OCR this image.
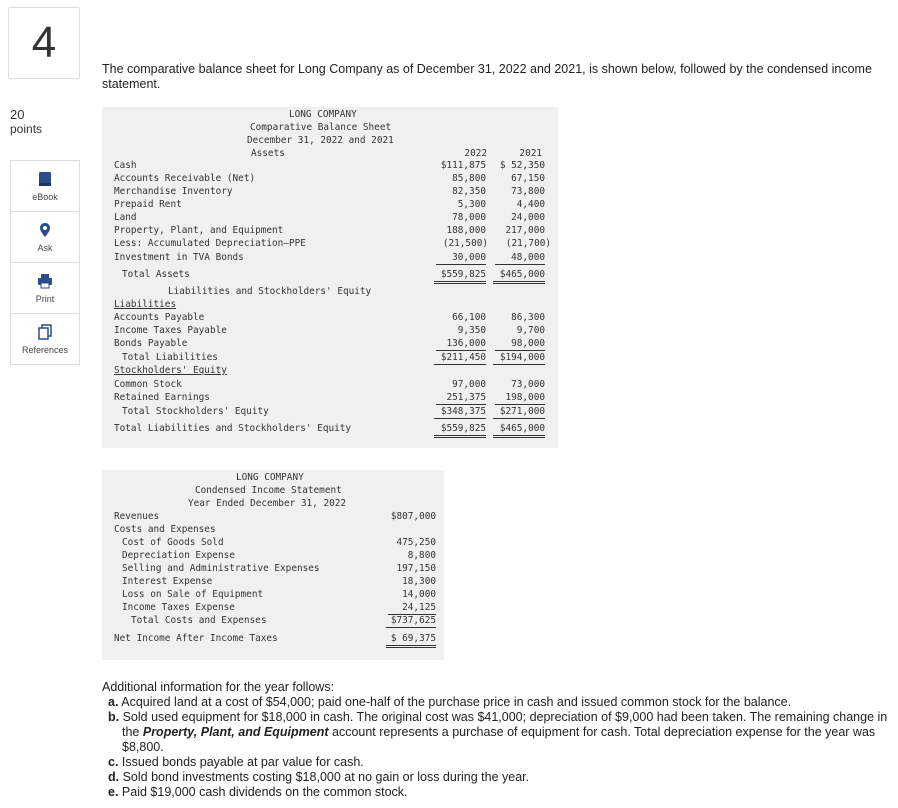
4
20
points
eBook
Ask
Print
References
The comparative balance sheet for Long Company as of December 31, 2022 and 2021, is shown below, followed by the condensed income statement.
LONG COMPANY
Comparative Balance Sheet
December 31, 2022 and 2021
Assets	2022	2021
Cash	$111,875	$ 52,350
Accounts Receivable (Net)	85,800	67,150
Merchandise Inventory	82,350	73,800
Prepaid Rent	5,300	4,400
Land	78,000	24,000
Property, Plant, and Equipment	188,000	217,000
Less: Accumulated Depreciation—PPE	(21,500)	(21,700)
Investment in TVA Bonds	30,000	48,000
Total Assets	$559,825	$465,000
Liabilities and Stockholders' Equity
Liabilities
Accounts Payable	66,100	86,300
Income Taxes Payable	9,350	9,700
Bonds Payable	136,000	98,000
Total Liabilities	$211,450	$194,000
Stockholders' Equity
Common Stock	97,000	73,000
Retained Earnings	251,375	198,000
Total Stockholders' Equity	$348,375	$271,000
Total Liabilities and Stockholders' Equity	$559,825	$465,000
LONG COMPANY
Condensed Income Statement
Year Ended December 31, 2022
Revenues	$807,000
Costs and Expenses
Cost of Goods Sold	475,250
Depreciation Expense	8,800
Selling and Administrative Expenses	197,150
Interest Expense	18,300
Loss on Sale of Equipment	14,000
Income Taxes Expense	24,125
Total Costs and Expenses	$737,625
Net Income After Income Taxes	$ 69,375
Additional information for the year follows:
a. Acquired land at a cost of $54,000; paid one-half of the purchase price in cash and issued common stock for the balance.
b. Sold used equipment for $18,000 in cash. The original cost was $41,000; depreciation of $9,000 had been taken. The remaining change in the Property, Plant, and Equipment account represents a purchase of equipment for cash. Total depreciation expense for the year was $8,800.
c. Issued bonds payable at par value for cash.
d. Sold bond investments costing $18,000 at no gain or loss during the year.
e. Paid $19,000 cash dividends on the common stock.
